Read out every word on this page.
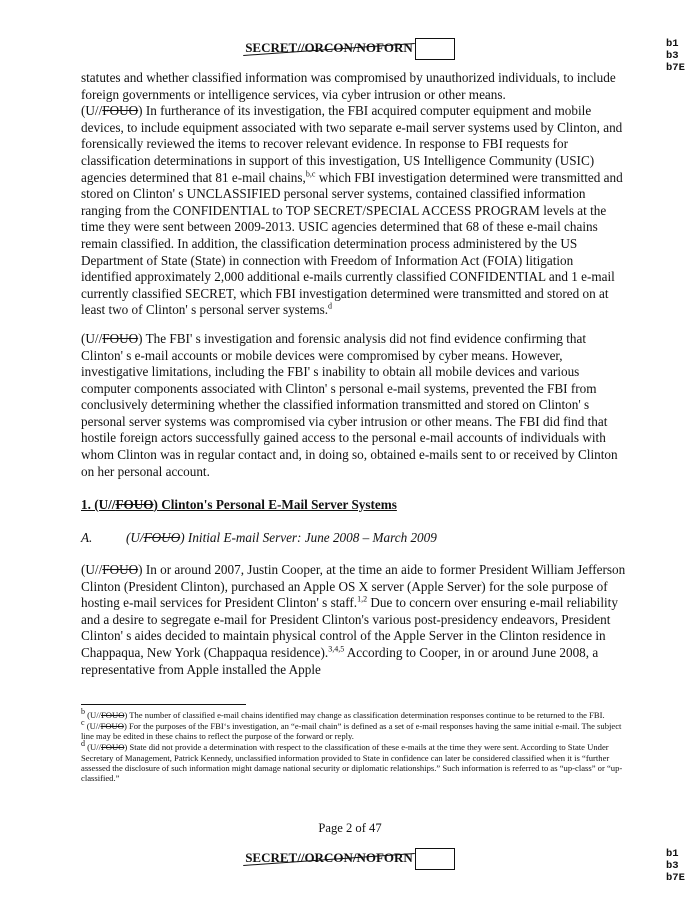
SECRET//ORCON/NOFORN	b1
b3
b7E

statutes and whether classified information was compromised by unauthorized individuals, to include foreign governments or intelligence services, via cyber intrusion or other means.
(U//FOUO) In furtherance of its investigation, the FBI acquired computer equipment and mobile devices, to include equipment associated with two separate e-mail server systems used by Clinton, and forensically reviewed the items to recover relevant evidence. In response to FBI requests for classification determinations in support of this investigation, US Intelligence Community (USIC) agencies determined that 81 e-mail chains,$^{b,c}$ which FBI investigation determined were transmitted and stored on Clinton' s UNCLASSIFIED personal server systems, contained classified information ranging from the CONFIDENTIAL to TOP SECRET/SPECIAL ACCESS PROGRAM levels at the time they were sent between 2009-2013. USIC agencies determined that 68 of these e-mail chains remain classified. In addition, the classification determination process administered by the US Department of State (State) in connection with Freedom of Information Act (FOIA) litigation identified approximately 2,000 additional e-mails currently classified CONFIDENTIAL and 1 e-mail currently classified SECRET, which FBI investigation determined were transmitted and stored on at least two of Clinton' s personal server systems.$^d$

(U//FOUO) The FBI' s investigation and forensic analysis did not find evidence confirming that Clinton' s e-mail accounts or mobile devices were compromised by cyber means. However, investigative limitations, including the FBI' s inability to obtain all mobile devices and various computer components associated with Clinton' s personal e-mail systems, prevented the FBI from conclusively determining whether the classified information transmitted and stored on Clinton' s personal server systems was compromised via cyber intrusion or other means. The FBI did find that hostile foreign actors successfully gained access to the personal e-mail accounts of individuals with whom Clinton was in regular contact and, in doing so, obtained e-mails sent to or received by Clinton on her personal account.

1. (U//FOUO) Clinton's Personal E-Mail Server Systems
A.	(U/FOUO) Initial E-mail Server: June 2008 – March 2009
(U//FOUO) In or around 2007, Justin Cooper, at the time an aide to former President William Jefferson Clinton (President Clinton), purchased an Apple OS X server (Apple Server) for the sole purpose of hosting e-mail services for President Clinton' s staff.$^{1,2}$ Due to concern over ensuring e-mail reliability and a desire to segregate e-mail for President Clinton's various post-presidency endeavors, President Clinton' s aides decided to maintain physical control of the Apple Server in the Clinton residence in Chappaqua, New York (Chappaqua residence).$^{3,4,5}$ According to Cooper, in or around June 2008, a representative from Apple installed the Apple
$^b$ (U//FOUO) The number of classified e-mail chains identified may change as classification determination responses continue to be returned to the FBI.
$^c$ (U//FOUO) For the purposes of the FBI‘s investigation, an “e-mail chain” is defined as a set of e-mail responses having the same initial e-mail. The subject line may be edited in these chains to reflect the purpose of the forward or reply.
$^d$ (U//FOUO) State did not provide a determination with respect to the classification of these e-mails at the time they were sent. According to State Under Secretary of Management, Patrick Kennedy, unclassified information provided to State in confidence can later be considered classified when it is “further assessed the disclosure of such information might damage national security or diplomatic relationships.” Such information is referred to as “up-class” or “up-classified.”
Page 2 of 47
SECRET//ORCON/NOFORN	b1
b3
b7E
